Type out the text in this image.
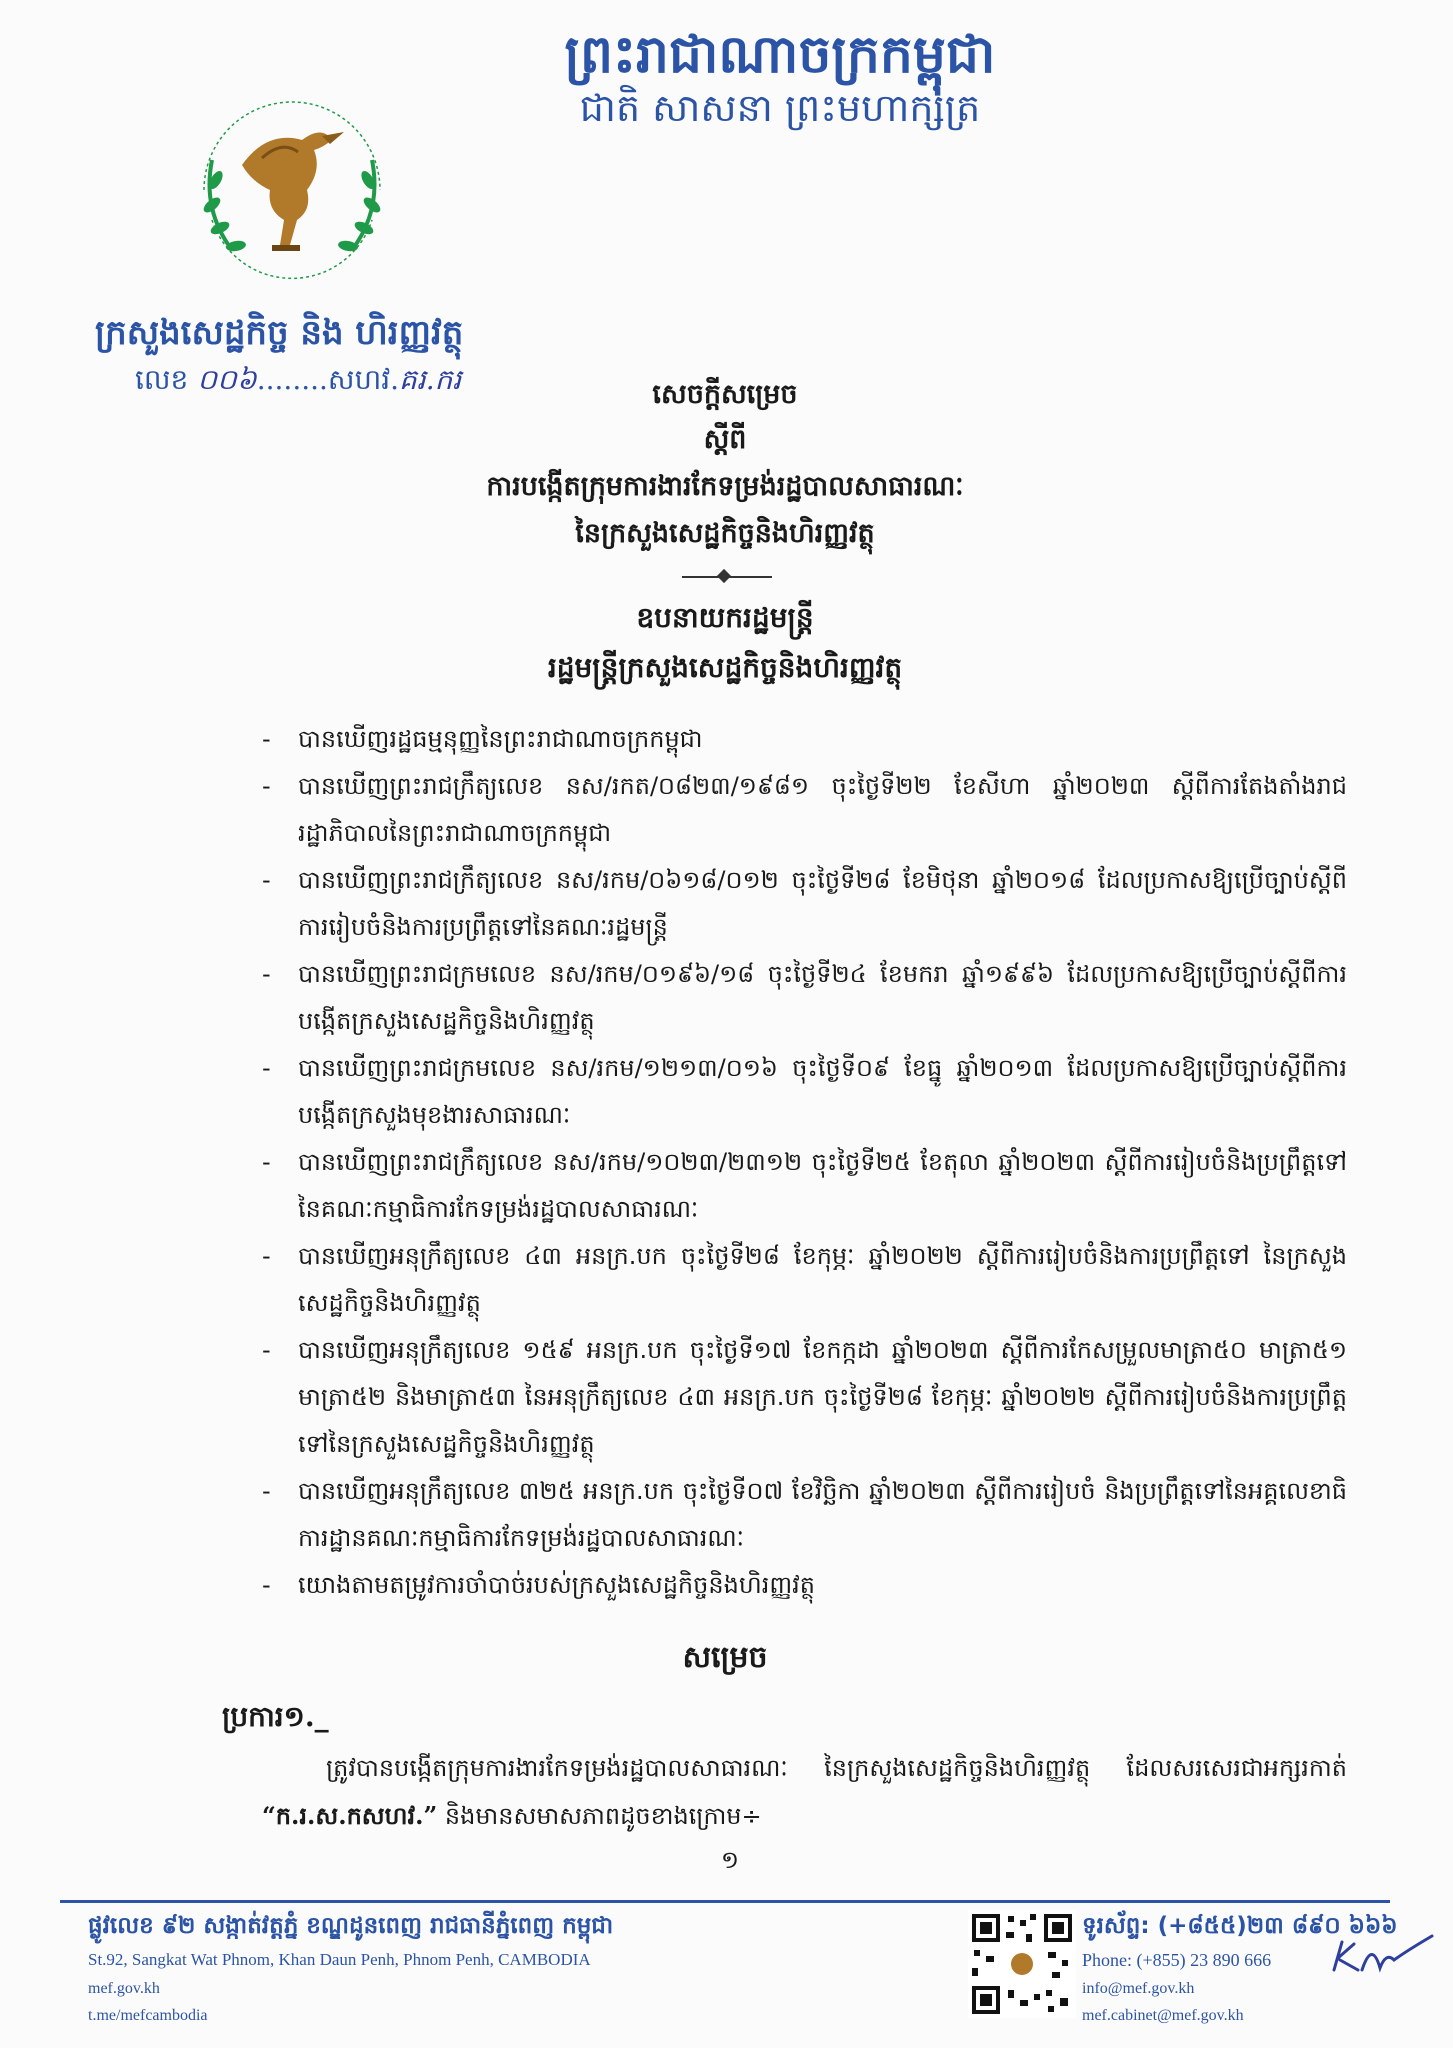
ព្រះរាជាណាចក្រកម្ពុជា
ជាតិ សាសនា ព្រះមហាក្សត្រ
ក្រសួងសេដ្ឋកិច្ច និង ហិរញ្ញវត្ថុ
លេខ ០០៦........សហវ.គរ.ករ	សេចក្តីសម្រេច
ស្តីពី
ការបង្កើតក្រុមការងារកែទម្រង់រដ្ឋបាលសាធារណៈ
នៃក្រសួងសេដ្ឋកិច្ចនិងហិរញ្ញវត្ថុ
ឧបនាយករដ្ឋមន្ត្រី
រដ្ឋមន្ត្រីក្រសួងសេដ្ឋកិច្ចនិងហិរញ្ញវត្ថុ
- បានឃើញរដ្ឋធម្មនុញ្ញនៃព្រះរាជាណាចក្រកម្ពុជា
- បានឃើញព្រះរាជក្រឹត្យលេខ នស/រកត/០៨២៣/១៩៨១ ចុះថ្ងៃទី២២ ខែសីហា ឆ្នាំ២០២៣ ស្តីពីការតែងតាំងរាជរដ្ឋាភិបាលនៃព្រះរាជាណាចក្រកម្ពុជា
- បានឃើញព្រះរាជក្រឹត្យលេខ នស/រកម/០៦១៨/០១២ ចុះថ្ងៃទី២៨ ខែមិថុនា ឆ្នាំ២០១៨ ដែលប្រកាសឱ្យប្រើច្បាប់ស្តីពីការរៀបចំនិងការប្រព្រឹត្តទៅនៃគណៈរដ្ឋមន្ត្រី
- បានឃើញព្រះរាជក្រមលេខ នស/រកម/០១៩៦/១៨ ចុះថ្ងៃទី២៤ ខែមករា ឆ្នាំ១៩៩៦ ដែលប្រកាសឱ្យប្រើច្បាប់ស្តីពីការបង្កើតក្រសួងសេដ្ឋកិច្ចនិងហិរញ្ញវត្ថុ
- បានឃើញព្រះរាជក្រមលេខ នស/រកម/១២១៣/០១៦ ចុះថ្ងៃទី០៩ ខែធ្នូ ឆ្នាំ២០១៣ ដែលប្រកាសឱ្យប្រើច្បាប់ស្តីពីការបង្កើតក្រសួងមុខងារសាធារណៈ
- បានឃើញព្រះរាជក្រឹត្យលេខ នស/រកម/១០២៣/២៣១២ ចុះថ្ងៃទី២៥ ខែតុលា ឆ្នាំ២០២៣ ស្តីពីការរៀបចំនិងប្រព្រឹត្តទៅនៃគណៈកម្មាធិការកែទម្រង់រដ្ឋបាលសាធារណៈ
- បានឃើញអនុក្រឹត្យលេខ ៤៣ អនក្រ.បក ចុះថ្ងៃទី២៨ ខែកុម្ភៈ ឆ្នាំ២០២២ ស្តីពីការរៀបចំនិងការប្រព្រឹត្តទៅ នៃក្រសួងសេដ្ឋកិច្ចនិងហិរញ្ញវត្ថុ
- បានឃើញអនុក្រឹត្យលេខ ១៥៩ អនក្រ.បក ចុះថ្ងៃទី១៧ ខែកក្កដា ឆ្នាំ២០២៣ ស្តីពីការកែសម្រួលមាត្រា៥០ មាត្រា៥១ មាត្រា៥២ និងមាត្រា៥៣ នៃអនុក្រឹត្យលេខ ៤៣ អនក្រ.បក ចុះថ្ងៃទី២៨ ខែកុម្ភៈ ឆ្នាំ២០២២ ស្តីពីការរៀបចំនិងការប្រព្រឹត្តទៅនៃក្រសួងសេដ្ឋកិច្ចនិងហិរញ្ញវត្ថុ
- បានឃើញអនុក្រឹត្យលេខ ៣២៥ អនក្រ.បក ចុះថ្ងៃទី០៧ ខែវិច្ឆិកា ឆ្នាំ២០២៣ ស្តីពីការរៀបចំ និងប្រព្រឹត្តទៅនៃអគ្គលេខាធិការដ្ឋានគណៈកម្មាធិការកែទម្រង់រដ្ឋបាលសាធារណៈ
- យោងតាមតម្រូវការចាំបាច់របស់ក្រសួងសេដ្ឋកិច្ចនិងហិរញ្ញវត្ថុ
សម្រេច
ប្រការ១._
ត្រូវបានបង្កើតក្រុមការងារកែទម្រង់រដ្ឋបាលសាធារណៈ នៃក្រសួងសេដ្ឋកិច្ចនិងហិរញ្ញវត្ថុ ដែលសរសេរជាអក្សរកាត់ “ក.រ.ស.កសហវ.” និងមានសមាសភាពដូចខាងក្រោម÷
១
ផ្លូវលេខ ៩២ សង្កាត់វត្តភ្នំ ខណ្ឌដូនពេញ រាជធានីភ្នំពេញ កម្ពុជា
St.92, Sangkat Wat Phnom, Khan Daun Penh, Phnom Penh, CAMBODIA
mef.gov.kh
t.me/mefcambodia
ទូរស័ព្ទ: (+៨៥៥)២៣ ៨៩០ ៦៦៦
Phone: (+855) 23 890 666
info@mef.gov.kh
mef.cabinet@mef.gov.kh
